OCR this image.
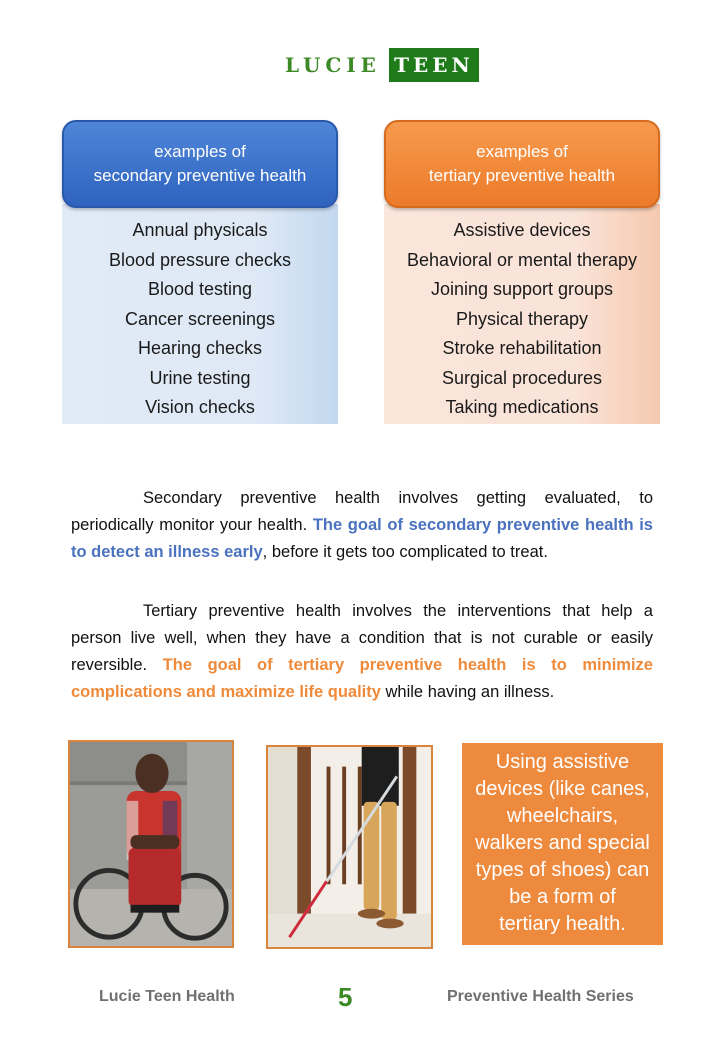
LUCIE TEEN
examples of
secondary preventive health
Annual physicals
Blood pressure checks
Blood testing
Cancer screenings
Hearing checks
Urine testing
Vision checks
examples of
tertiary preventive health
Assistive devices
Behavioral or mental therapy
Joining support groups
Physical therapy
Stroke rehabilitation
Surgical procedures
Taking medications

Secondary preventive health involves getting evaluated, to periodically monitor your health. The goal of secondary preventive health is to detect an illness early, before it gets too complicated to treat.

Tertiary preventive health involves the interventions that help a person live well, when they have a condition that is not curable or easily reversible. The goal of tertiary preventive health is to minimize complications and maximize life quality while having an illness.

Using assistive
devices (like canes,
wheelchairs,
walkers and special
types of shoes) can
be a form of
tertiary health.
Lucie Teen Health	5	Preventive Health Series
